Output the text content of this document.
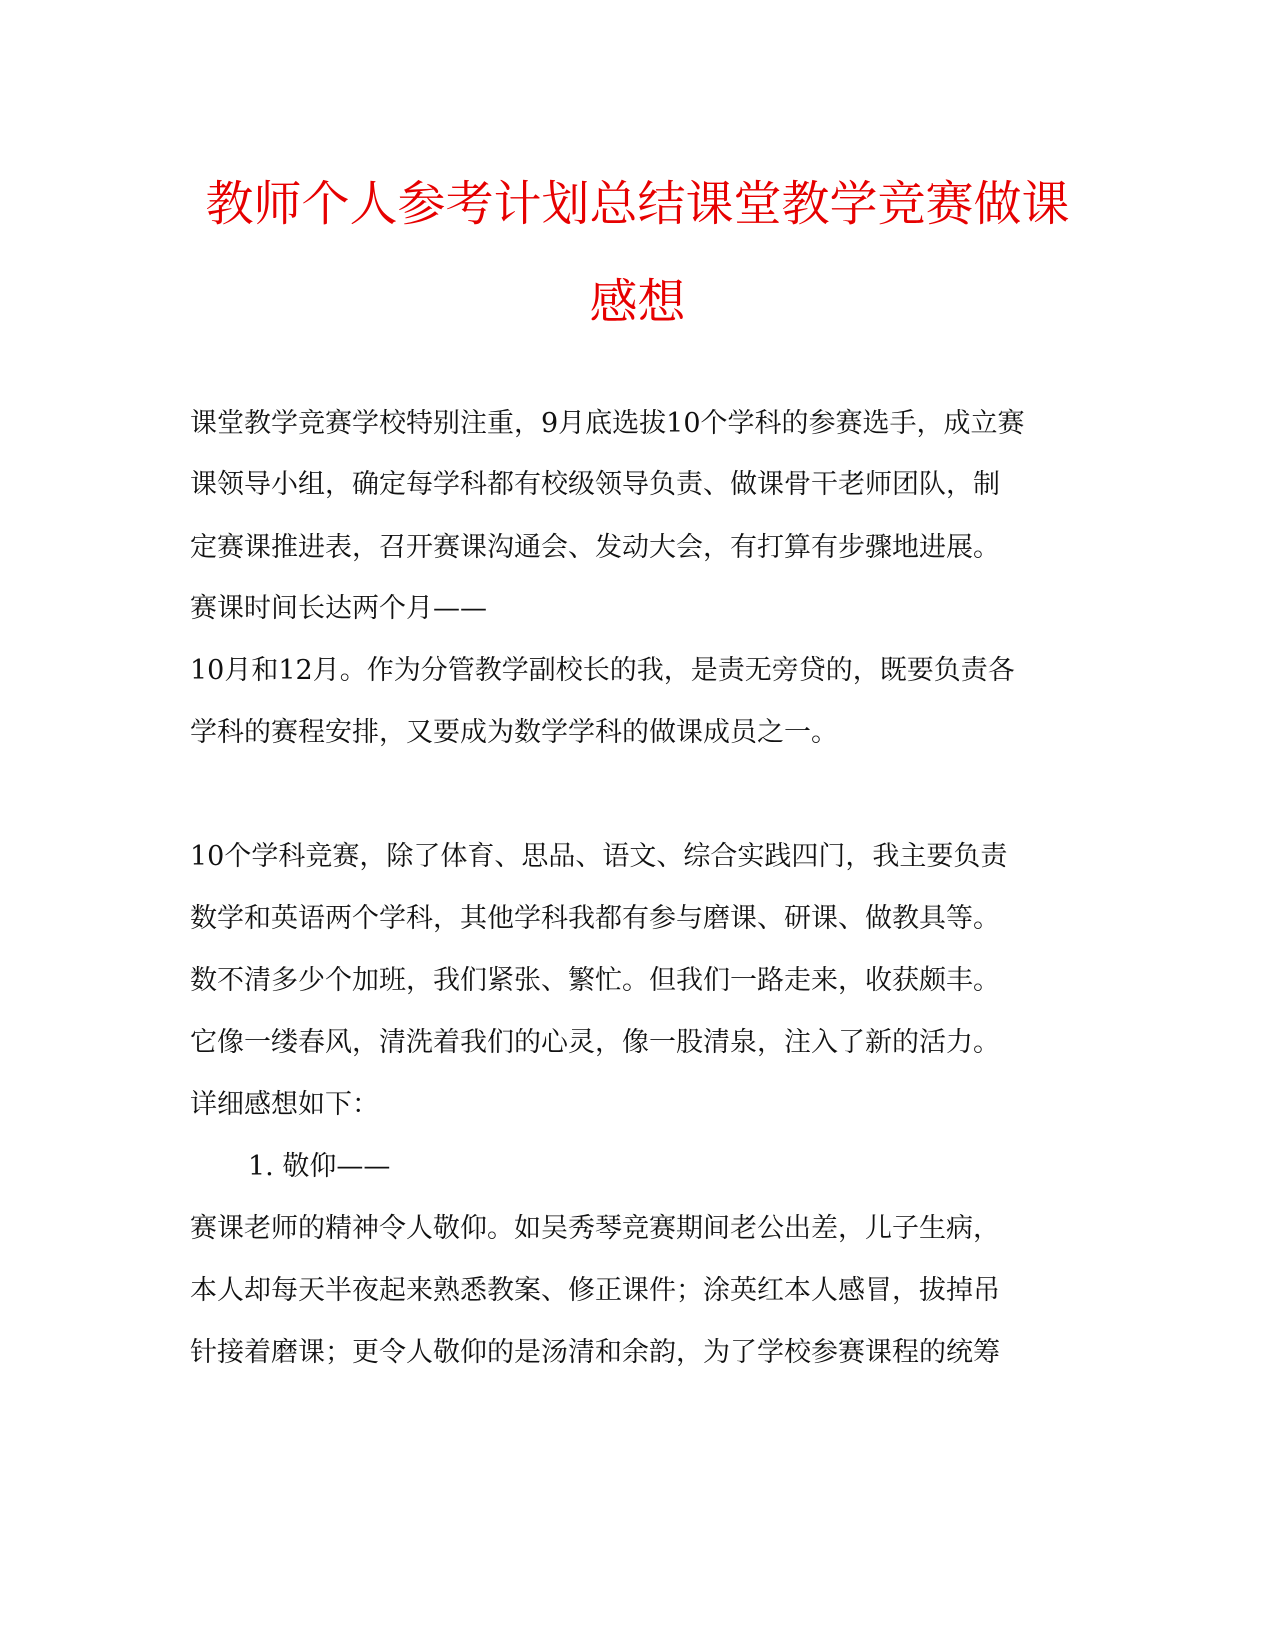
教师个人参考计划总结课堂教学竞赛做课
感想

课堂教学竞赛学校特别注重，9月底选拔10个学科的参赛选手，成立赛

课领导小组，确定每学科都有校级领导负责、做课骨干老师团队，制

定赛课推进表，召开赛课沟通会、发动大会，有打算有步骤地进展。

赛课时间长达两个月——

10月和12月。作为分管教学副校长的我，是责无旁贷的，既要负责各

学科的赛程安排，又要成为数学学科的做课成员之一。

10个学科竞赛，除了体育、思品、语文、综合实践四门，我主要负责

数学和英语两个学科，其他学科我都有参与磨课、研课、做教具等。

数不清多少个加班，我们紧张、繁忙。但我们一路走来，收获颇丰。

它像一缕春风，清洗着我们的心灵，像一股清泉，注入了新的活力。

详细感想如下：

1. 敬仰——

赛课老师的精神令人敬仰。如吴秀琴竞赛期间老公出差，儿子生病，

本人却每天半夜起来熟悉教案、修正课件；涂英红本人感冒，拔掉吊

针接着磨课；更令人敬仰的是汤清和余韵，为了学校参赛课程的统筹
